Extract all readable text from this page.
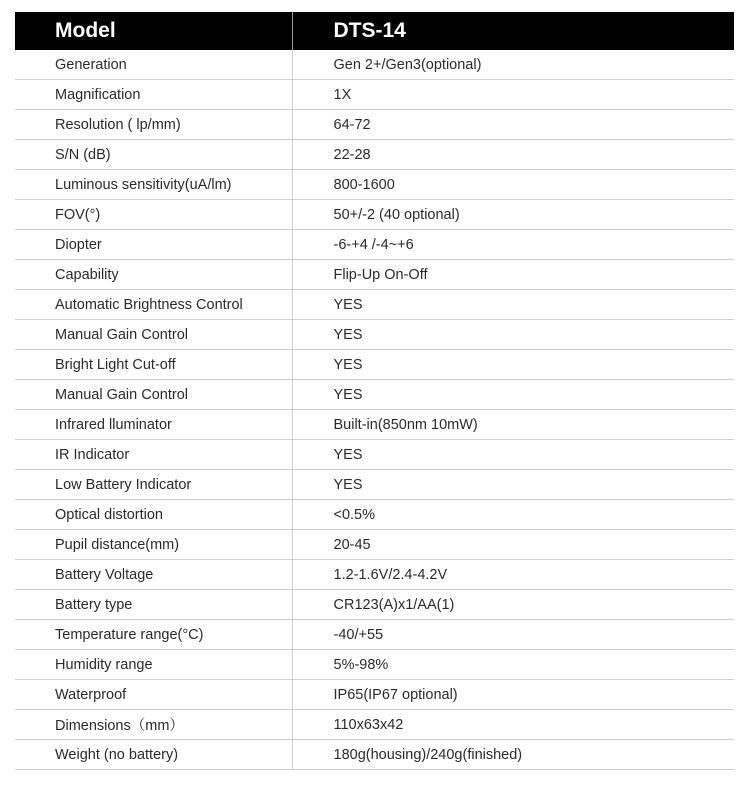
Model	DTS-14
Generation	Gen 2+/Gen3(optional)
Magnification	1X
Resolution ( lp/mm)	64-72
S/N (dB)	22-28
Luminous sensitivity(uA/lm)	800-1600
FOV(°)	50+/-2 (40 optional)
Diopter	-6-+4 /-4~+6
Capability	Flip-Up On-Off
Automatic Brightness Control	YES
Manual Gain Control	YES
Bright Light Cut-off	YES
Manual Gain Control	YES
Infrared lluminator	Built-in(850nm 10mW)
IR Indicator	YES
Low Battery Indicator	YES
Optical distortion	<0.5%
Pupil distance(mm)	20-45
Battery Voltage	1.2-1.6V/2.4-4.2V
Battery type	CR123(A)x1/AA(1)
Temperature range(°C)	-40/+55
Humidity range	5%-98%
Waterproof	IP65(IP67 optional)
Dimensions（mm）	110x63x42
Weight (no battery)	180g(housing)/240g(finished)
